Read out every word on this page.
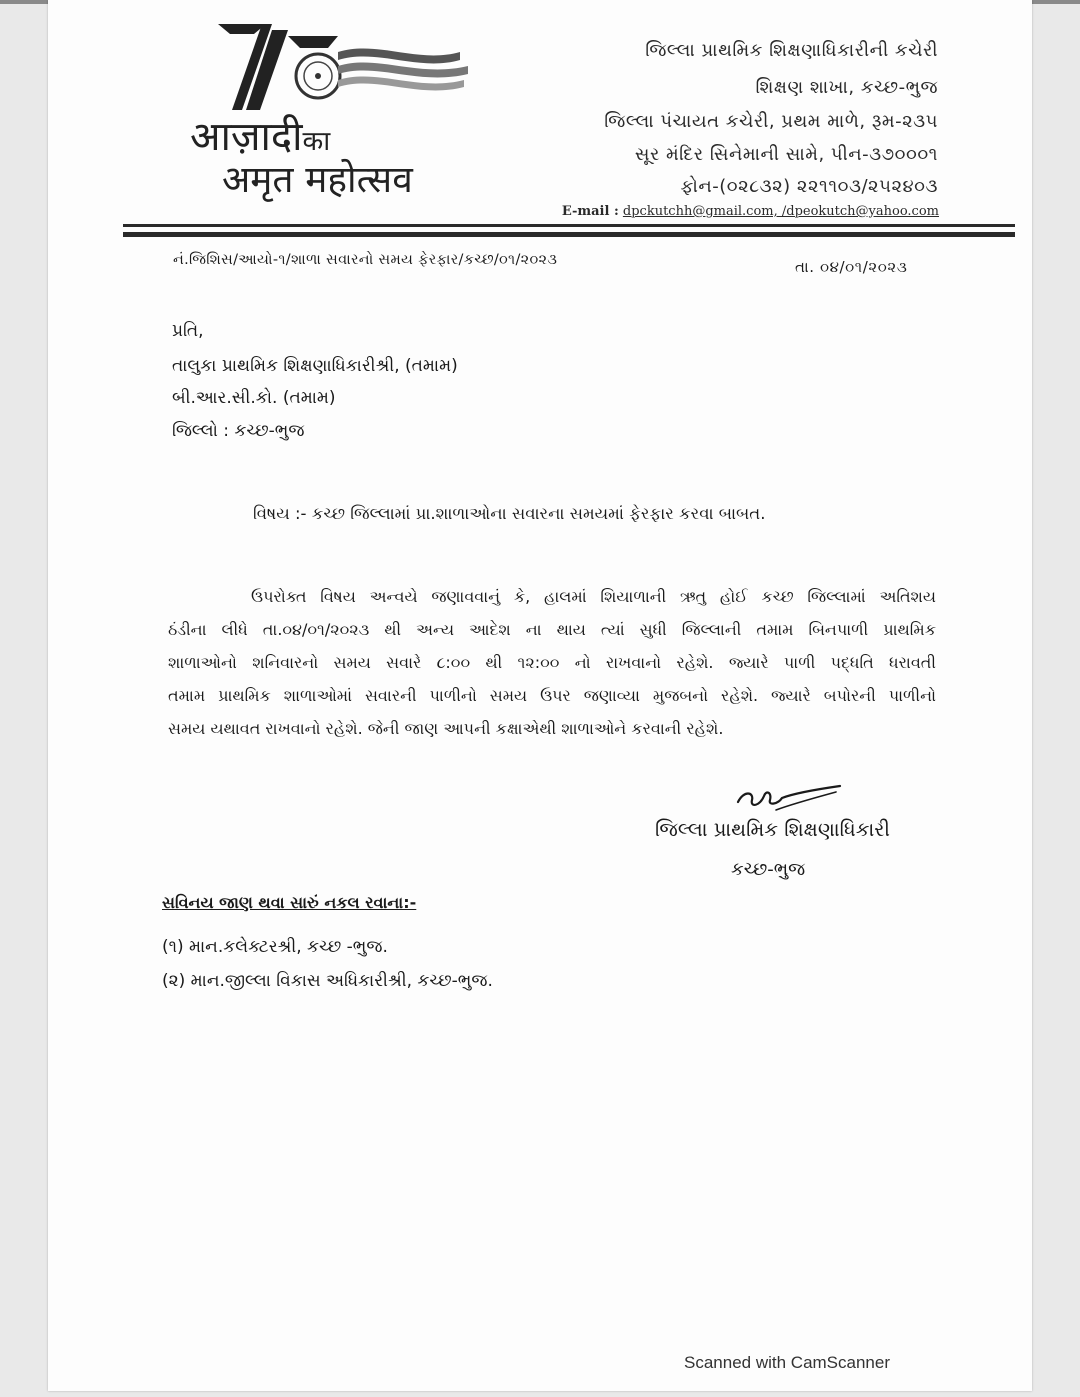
आज़ादीका
अमृत महोत्सव
જિલ્લા પ્રાથમિક શિક્ષણાધિકારીની કચેરી
શિક્ષણ શાખા, કચ્છ-ભુજ
જિલ્લા પંચાયત કચેરી, પ્રથમ માળે, રૂમ-૨૩૫
સૂર મંદિર સિનેમાની સામે, પીન-૩૭૦૦૦૧
ફોન-(૦૨૮૩૨) ૨૨૧૧૦૩/૨૫૨૪૦૩
E-mail : dpckutchh@gmail.com, /dpeokutch@yahoo.com
નં.જિશિસ/આયો-૧/શાળા સવારનો સમય ફેરફાર/કચ્છ/૦૧/૨૦૨૩	તા. ૦૪/૦૧/૨૦૨૩
પ્રતિ,
તાલુકા પ્રાથમિક શિક્ષણાધિકારીશ્રી, (તમામ)
બી.આર.સી.કો. (તમામ)
જિલ્લો : કચ્છ-ભુજ
વિષય :- કચ્છ જિલ્લામાં પ્રા.શાળાઓના સવારના સમયમાં ફેરફાર કરવા બાબત.
ઉપરોક્ત વિષય અન્વયે જણાવવાનું કે, હાલમાં શિયાળાની ઋતુ હોઈ કચ્છ જિલ્લામાં અતિશય
ઠંડીના લીધે તા.૦૪/૦૧/૨૦૨૩ થી અન્ય આદેશ ના થાય ત્યાં સુધી જિલ્લાની તમામ બિનપાળી પ્રાથમિક
શાળાઓનો શનિવારનો સમય સવારે ૮:૦૦ થી ૧૨:૦૦ નો રાખવાનો રહેશે. જ્યારે પાળી પદ્ધતિ ધરાવતી
તમામ પ્રાથમિક શાળાઓમાં સવારની પાળીનો સમય ઉપર જણાવ્યા મુજબનો રહેશે. જ્યારે બપોરની પાળીનો
સમય યથાવત રાખવાનો રહેશે. જેની જાણ આપની કક્ષાએથી શાળાઓને કરવાની રહેશે.
જિલ્લા પ્રાથમિક શિક્ષણાધિકારી
કચ્છ-ભુજ
સવિનય જાણ થવા સારું નકલ રવાના:-
(૧) માન.કલેક્ટરશ્રી, કચ્છ -ભુજ.
(૨) માન.જીલ્લા વિકાસ અધિકારીશ્રી, કચ્છ-ભુજ.
Scanned with CamScanner
